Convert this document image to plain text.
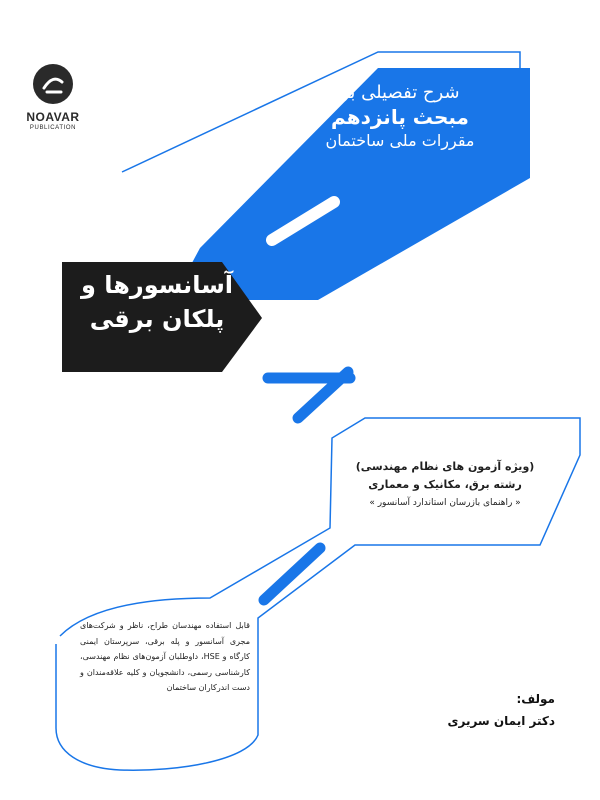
NOAVAR
PUBLICATION
شرح تفصیلی بر
مبحث پانزدهم
مقررات ملی ساختمان
آسانسورها و
پلکان برقی
(ویژه آزمون های نظام مهندسی)
رشته برق، مکانیک و معماری
« راهنمای بازرسان استاندارد آسانسور »
قابل استفاده مهندسان طراح، ناظر و شرکت‌های مجری آسانسور و پله برقی، سرپرستان ایمنی کارگاه و HSE، داوطلبان آزمون‌های نظام مهندسی، کارشناسی رسمی، دانشجویان و کلیه علاقه‌مندان و دست اندرکاران ساختمان
مولف:
دکتر ایمان سریری
